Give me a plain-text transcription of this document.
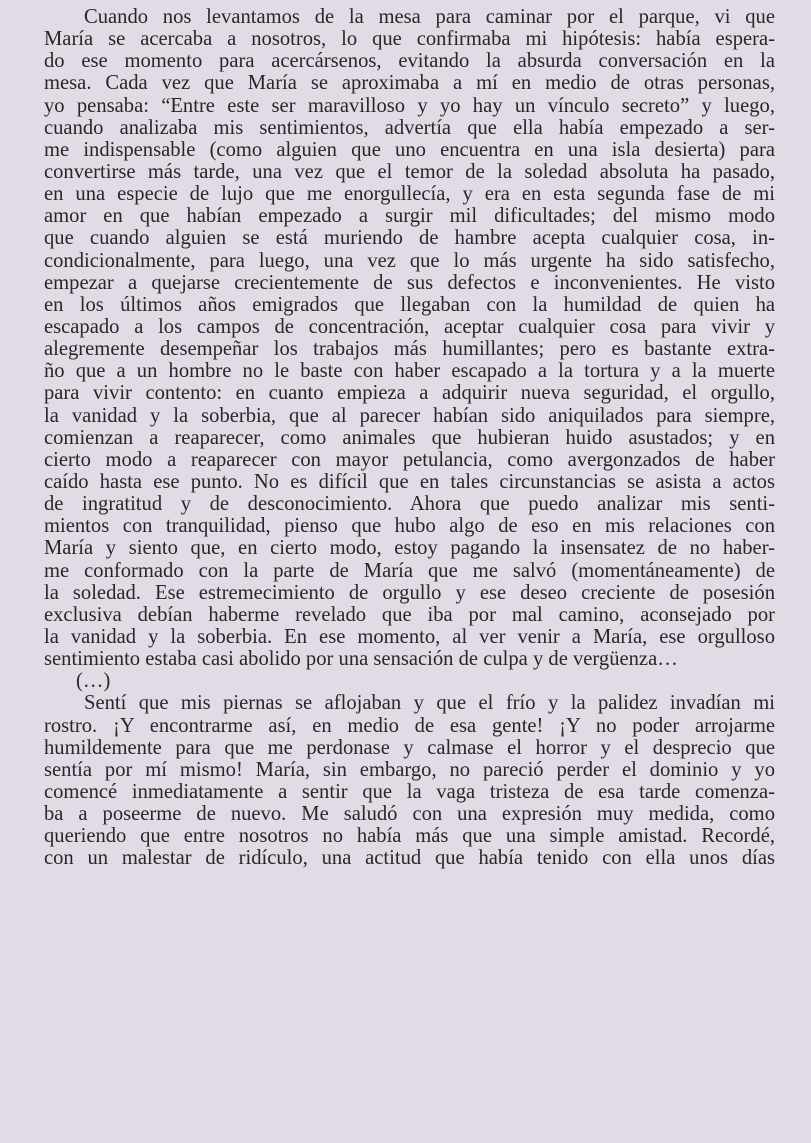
Cuando nos levantamos de la mesa para caminar por el parque, vi que
María se acercaba a nosotros, lo que confirmaba mi hipótesis: había espera-
do ese momento para acercársenos, evitando la absurda conversación en la
mesa. Cada vez que María se aproximaba a mí en medio de otras personas,
yo pensaba: “Entre este ser maravilloso y yo hay un vínculo secreto” y luego,
cuando analizaba mis sentimientos, advertía que ella había empezado a ser-
me indispensable (como alguien que uno encuentra en una isla desierta) para
convertirse más tarde, una vez que el temor de la soledad absoluta ha pasado,
en una especie de lujo que me enorgullecía, y era en esta segunda fase de mi
amor en que habían empezado a surgir mil dificultades; del mismo modo
que cuando alguien se está muriendo de hambre acepta cualquier cosa, in-
condicionalmente, para luego, una vez que lo más urgente ha sido satisfecho,
empezar a quejarse crecientemente de sus defectos e inconvenientes. He visto
en los últimos años emigrados que llegaban con la humildad de quien ha
escapado a los campos de concentración, aceptar cualquier cosa para vivir y
alegremente desempeñar los trabajos más humillantes; pero es bastante extra-
ño que a un hombre no le baste con haber escapado a la tortura y a la muerte
para vivir contento: en cuanto empieza a adquirir nueva seguridad, el orgullo,
la vanidad y la soberbia, que al parecer habían sido aniquilados para siempre,
comienzan a reaparecer, como animales que hubieran huido asustados; y en
cierto modo a reaparecer con mayor petulancia, como avergonzados de haber
caído hasta ese punto. No es difícil que en tales circunstancias se asista a actos
de ingratitud y de desconocimiento. Ahora que puedo analizar mis senti-
mientos con tranquilidad, pienso que hubo algo de eso en mis relaciones con
María y siento que, en cierto modo, estoy pagando la insensatez de no haber-
me conformado con la parte de María que me salvó (momentáneamente) de
la soledad. Ese estremecimiento de orgullo y ese deseo creciente de posesión
exclusiva debían haberme revelado que iba por mal camino, aconsejado por
la vanidad y la soberbia. En ese momento, al ver venir a María, ese orgulloso
sentimiento estaba casi abolido por una sensación de culpa y de vergüenza…
(…)
Sentí que mis piernas se aflojaban y que el frío y la palidez invadían mi
rostro. ¡Y encontrarme así, en medio de esa gente! ¡Y no poder arrojarme
humildemente para que me perdonase y calmase el horror y el desprecio que
sentía por mí mismo! María, sin embargo, no pareció perder el dominio y yo
comencé inmediatamente a sentir que la vaga tristeza de esa tarde comenza-
ba a poseerme de nuevo. Me saludó con una expresión muy medida, como
queriendo que entre nosotros no había más que una simple amistad. Recordé,
con un malestar de ridículo, una actitud que había tenido con ella unos días
